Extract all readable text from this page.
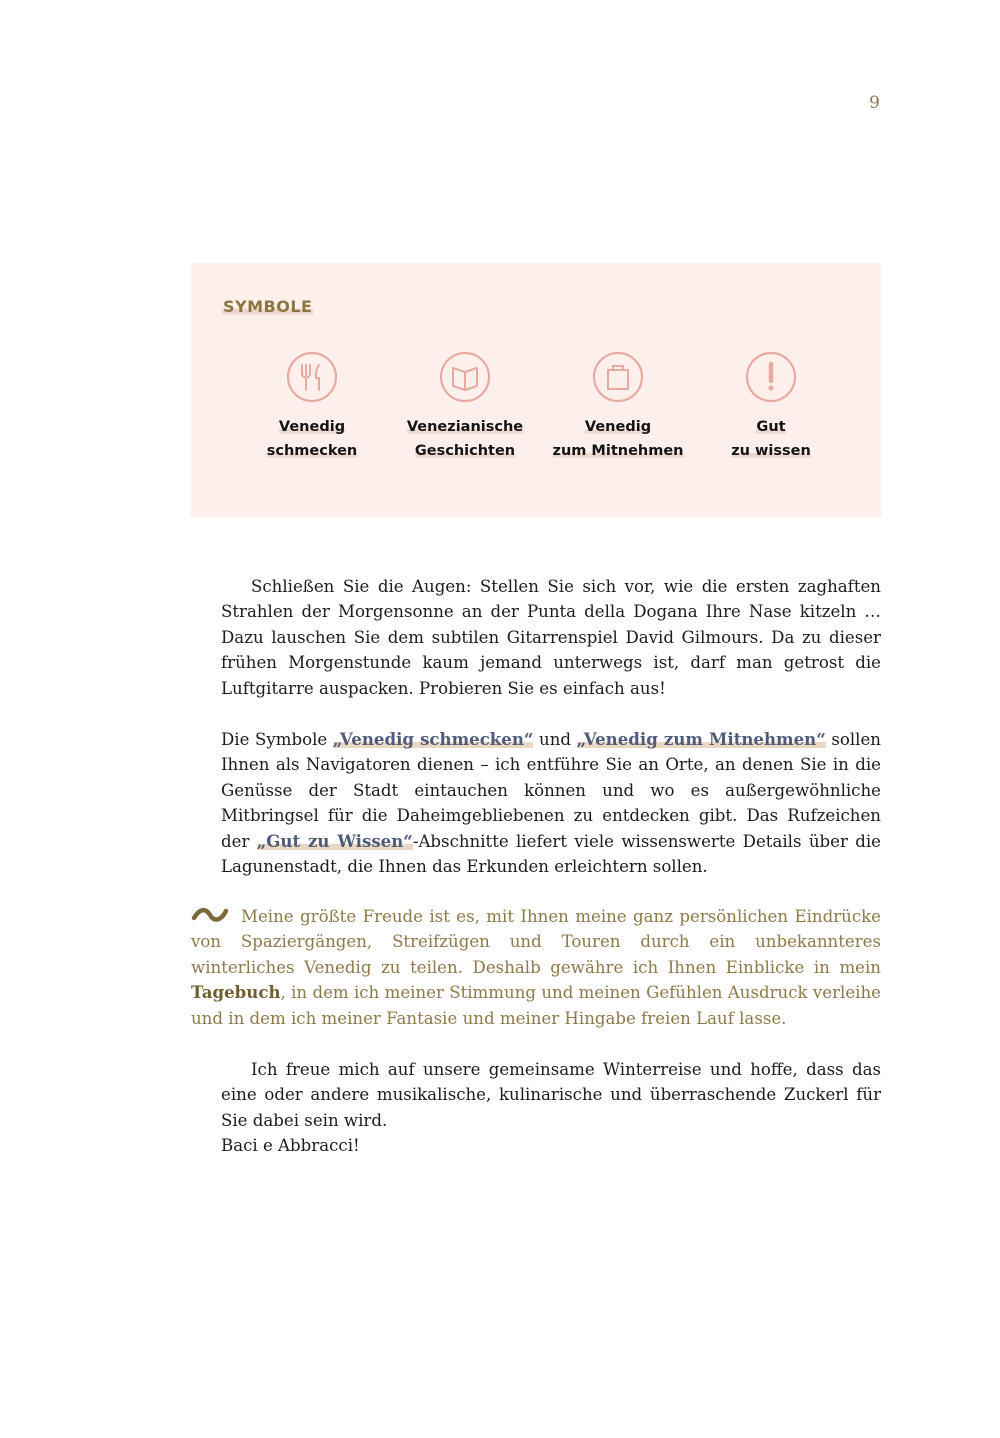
9
SYMBOLE
Venedig
schmecken
Venezianische
Geschichten
Venedig
zum Mitnehmen
Gut
zu wissen

Schließen Sie die Augen: Stellen Sie sich vor, wie die ersten zaghaften Strahlen der Morgensonne an der Punta della Dogana Ihre Nase kitzeln … Dazu lauschen Sie dem subtilen Gitarrenspiel David Gilmours. Da zu dieser frühen Morgenstunde kaum jemand unterwegs ist, darf man getrost die Luftgitarre auspacken. Probieren Sie es einfach aus!

Die Symbole „Venedig schmecken“ und „Venedig zum Mitnehmen“ sollen Ihnen als Navigatoren dienen – ich entführe Sie an Orte, an denen Sie in die Genüsse der Stadt eintauchen können und wo es außergewöhnliche Mitbringsel für die Daheimgebliebenen zu entdecken gibt. Das Rufzeichen der „Gut zu Wissen“-Abschnitte liefert viele wissenswerte Details über die Lagunenstadt, die Ihnen das Erkunden erleichtern sollen.

Meine größte Freude ist es, mit Ihnen meine ganz persönlichen Eindrücke von Spaziergängen, Streifzügen und Touren durch ein unbekannteres winterliches Venedig zu teilen. Deshalb gewähre ich Ihnen Einblicke in mein Tagebuch, in dem ich meiner Stimmung und meinen Gefühlen Ausdruck verleihe und in dem ich meiner Fantasie und meiner Hingabe freien Lauf lasse.

Ich freue mich auf unsere gemeinsame Winterreise und hoffe, dass das eine oder andere musikalische, kulinarische und überraschende Zuckerl für Sie dabei sein wird.

Baci e Abbracci!
